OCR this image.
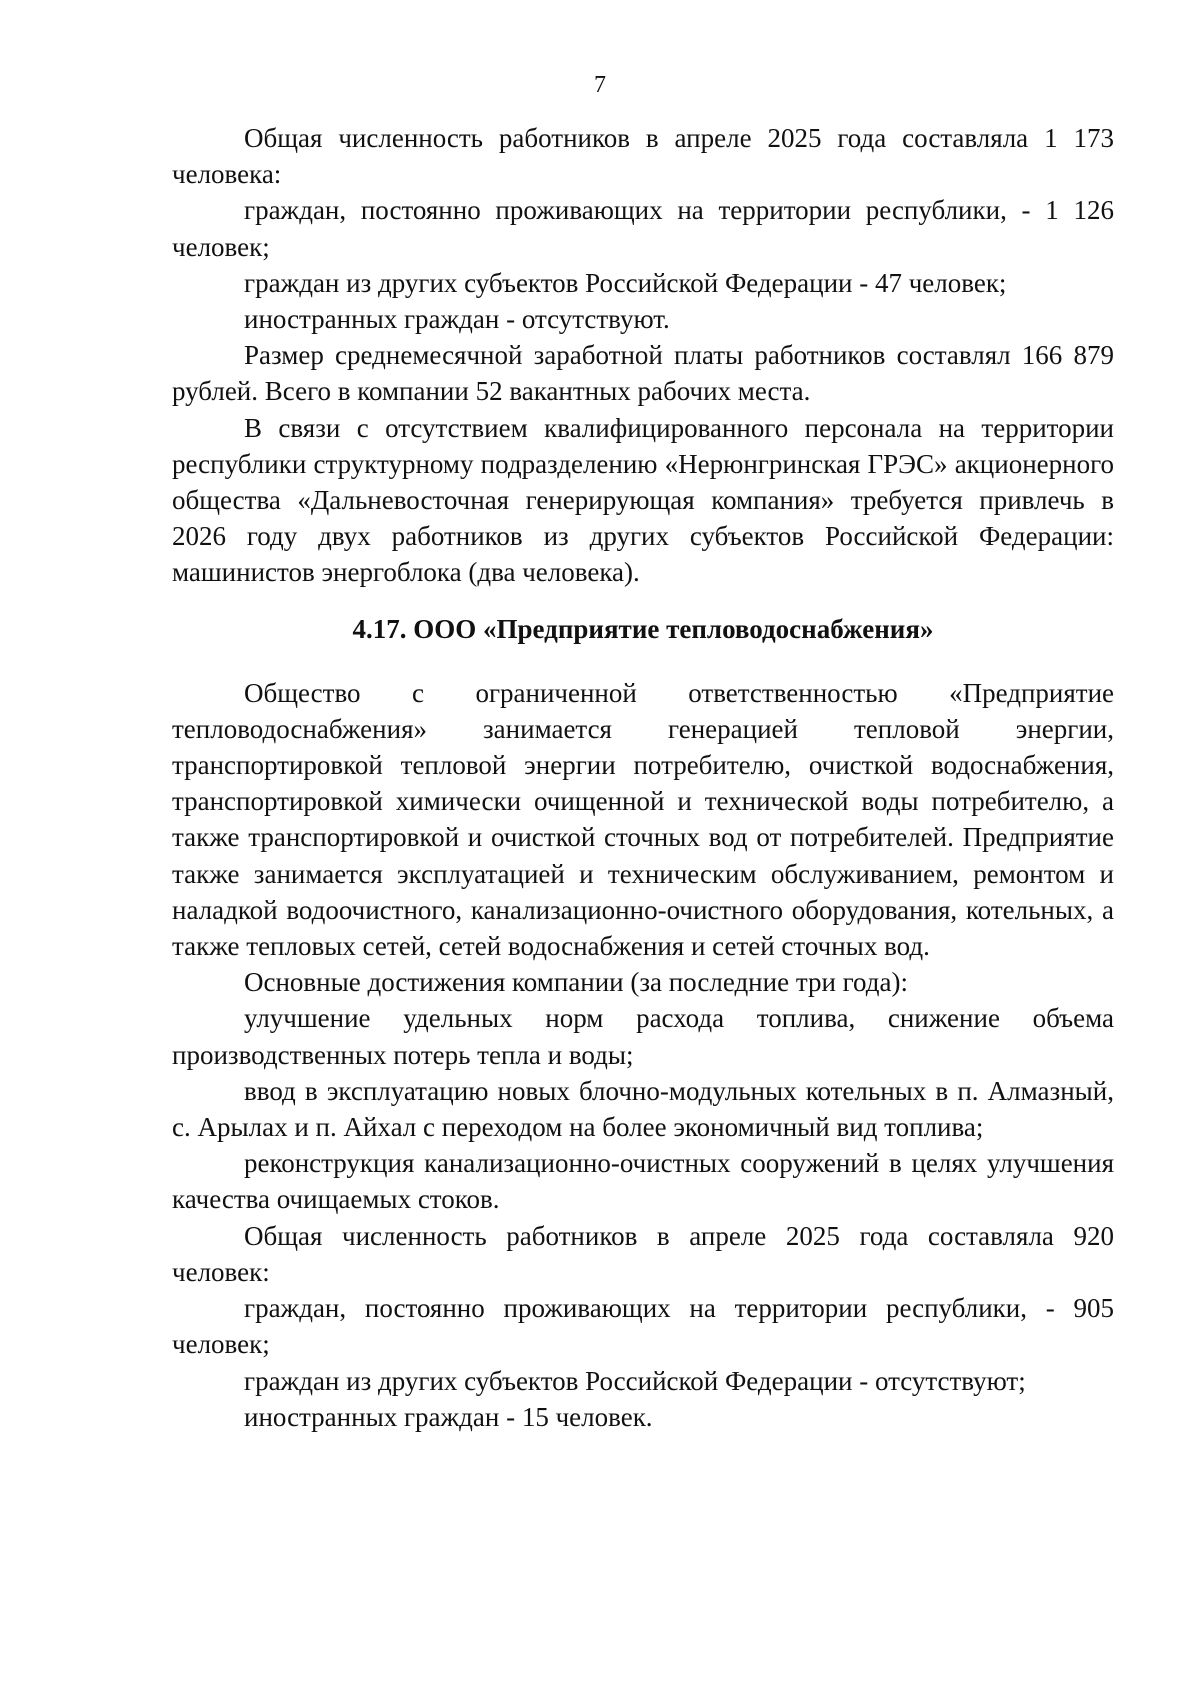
7

Общая численность работников в апреле 2025 года составляла 1 173 человека:

граждан, постоянно проживающих на территории республики, - 1 126 человек;

граждан из других субъектов Российской Федерации - 47 человек;

иностранных граждан - отсутствуют.

Размер среднемесячной заработной платы работников составлял 166 879 рублей. Всего в компании 52 вакантных рабочих места.

В связи с отсутствием квалифицированного персонала на территории республики структурному подразделению «Нерюнгринская ГРЭС» акционерного общества «Дальневосточная генерирующая компания» требуется привлечь в 2026 году двух работников из других субъектов Российской Федерации: машинистов энергоблока (два человека).

4.17. ООО «Предприятие тепловодоснабжения»

Общество с ограниченной ответственностью «Предприятие тепловодоснабжения» занимается генерацией тепловой энергии, транспортировкой тепловой энергии потребителю, очисткой водоснабжения, транспортировкой химически очищенной и технической воды потребителю, а также транспортировкой и очисткой сточных вод от потребителей. Предприятие также занимается эксплуатацией и техническим обслуживанием, ремонтом и наладкой водоочистного, канализационно-очистного оборудования, котельных, а также тепловых сетей, сетей водоснабжения и сетей сточных вод.

Основные достижения компании (за последние три года):

улучшение удельных норм расхода топлива, снижение объема производственных потерь тепла и воды;

ввод в эксплуатацию новых блочно-модульных котельных в п. Алмазный, с. Арылах и п. Айхал с переходом на более экономичный вид топлива;

реконструкция канализационно-очистных сооружений в целях улучшения качества очищаемых стоков.

Общая численность работников в апреле 2025 года составляла 920 человек:

граждан, постоянно проживающих на территории республики, - 905 человек;

граждан из других субъектов Российской Федерации - отсутствуют;

иностранных граждан - 15 человек.
